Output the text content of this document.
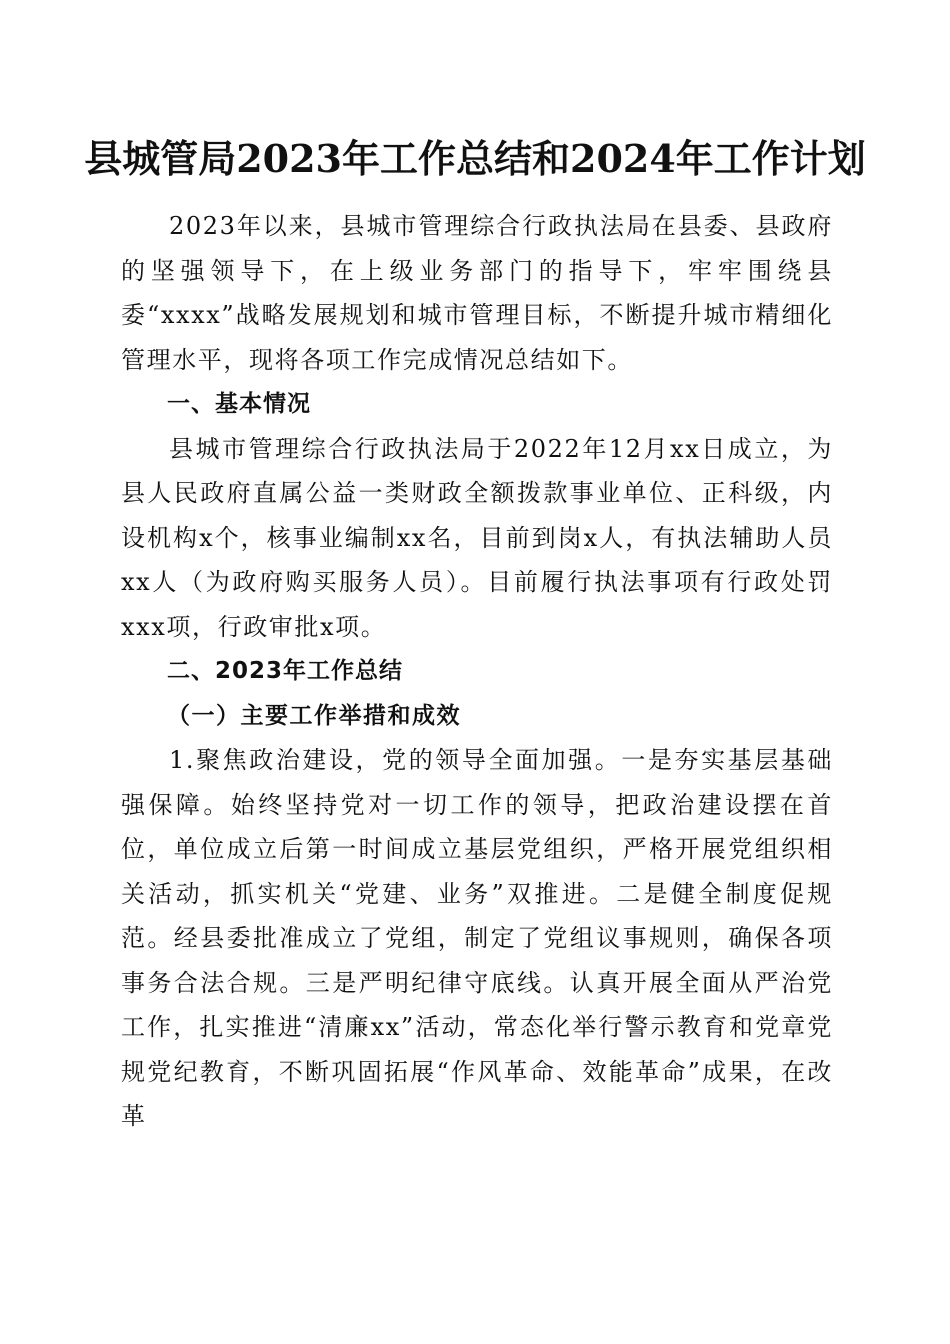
县城管局2023年工作总结和2024年工作计划

2023年以来，县城市管理综合行政执法局在县委、县政府的坚强领导下，在上级业务部门的指导下，牢牢围绕县委“xxxx”战略发展规划和城市管理目标，不断提升城市精细化管理水平，现将各项工作完成情况总结如下。

一、基本情况

县城市管理综合行政执法局于2022年12月xx日成立，为县人民政府直属公益一类财政全额拨款事业单位、正科级，内设机构x个，核事业编制xx名，目前到岗x人，有执法辅助人员xx人（为政府购买服务人员）。目前履行执法事项有行政处罚xxx项，行政审批x项。

二、2023年工作总结

（一）主要工作举措和成效

1.聚焦政治建设，党的领导全面加强。一是夯实基层基础强保障。始终坚持党对一切工作的领导，把政治建设摆在首位，单位成立后第一时间成立基层党组织，严格开展党组织相关活动，抓实机关“党建、业务”双推进。二是健全制度促规范。经县委批准成立了党组，制定了党组议事规则，确保各项事务合法合规。三是严明纪律守底线。认真开展全面从严治党工作，扎实推进“清廉xx”活动，常态化举行警示教育和党章党规党纪教育，不断巩固拓展“作风革命、效能革命”成果，在改革
